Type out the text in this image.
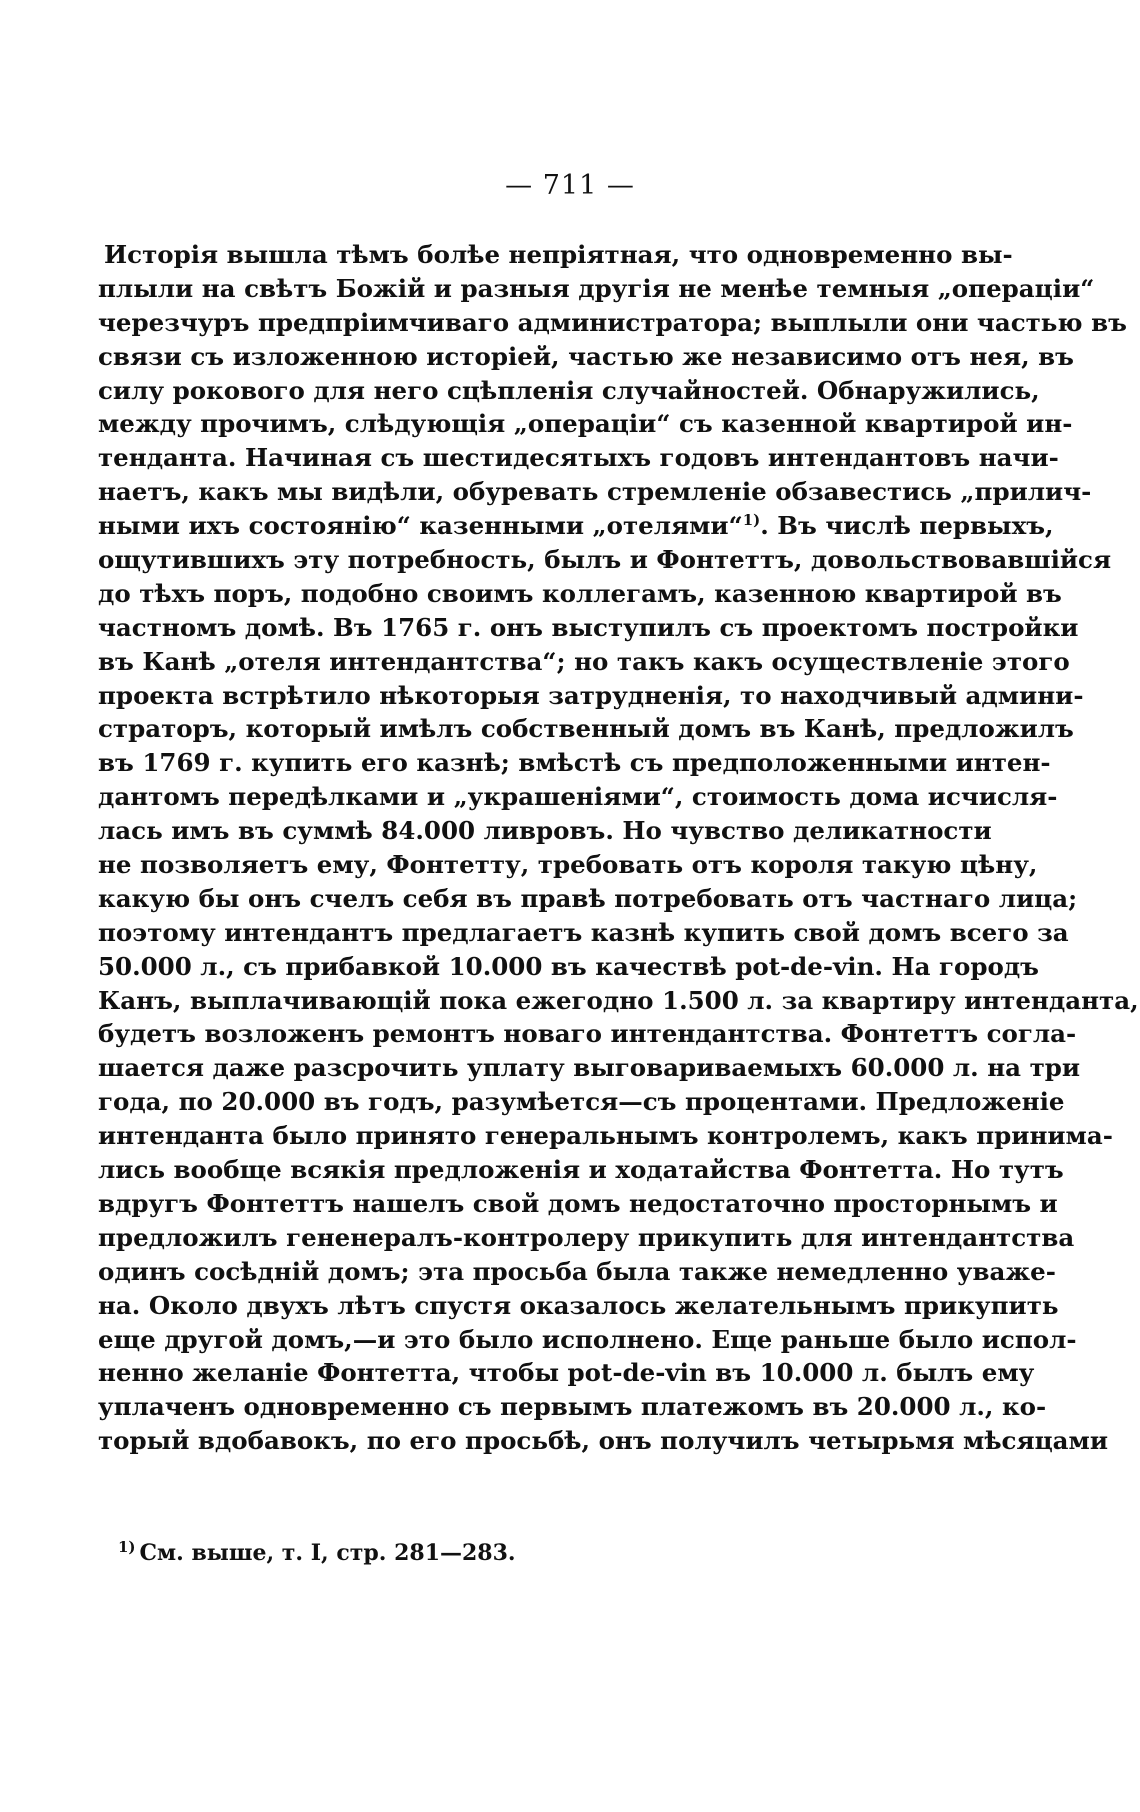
— 711 —
Исторія вышла тѣмъ болѣе непріятная, что одновременно вы-
плыли на свѣтъ Божій и разныя другія не менѣе темныя „операціи“
черезчуръ предпріимчиваго администратора; выплыли они частью въ
связи съ изложенною исторіей, частью же независимо отъ нея, въ
силу рокового для него сцѣпленія случайностей. Обнаружились,
между прочимъ, слѣдующія „операціи“ съ казенной квартирой ин-
тенданта. Начиная съ шестидесятыхъ годовъ интендантовъ начи-
наетъ, какъ мы видѣли, обуревать стремленіе обзавестись „прилич-
ными ихъ состоянію“ казенными „отелями“$^{1)}$. Въ числѣ первыхъ,
ощутившихъ эту потребность, былъ и Фонтеттъ, довольствовавшійся
до тѣхъ поръ, подобно своимъ коллегамъ, казенною квартирой въ
частномъ домѣ. Въ 1765 г. онъ выступилъ съ проектомъ постройки
въ Канѣ „отеля интендантства“; но такъ какъ осуществленіе этого
проекта встрѣтило нѣкоторыя затрудненія, то находчивый админи-
страторъ, который имѣлъ собственный домъ въ Канѣ, предложилъ
въ 1769 г. купить его казнѣ; вмѣстѣ съ предположенными интен-
дантомъ передѣлками и „украшеніями“, стоимость дома исчисля-
лась имъ въ суммѣ 84.000 ливровъ. Но чувство деликатности
не позволяетъ ему, Фонтетту, требовать отъ короля такую цѣну,
какую бы онъ счелъ себя въ правѣ потребовать отъ частнаго лица;
поэтому интендантъ предлагаетъ казнѣ купить свой домъ всего за
50.000 л., съ прибавкой 10.000 въ качествѣ pot-de-vin. На городъ
Канъ, выплачивающій пока ежегодно 1.500 л. за квартиру интенданта,
будетъ возложенъ ремонтъ новаго интендантства. Фонтеттъ согла-
шается даже разсрочить уплату выговариваемыхъ 60.000 л. на три
года, по 20.000 въ годъ, разумѣется—съ процентами. Предложеніе
интенданта было принято генеральнымъ контролемъ, какъ принима-
лись вообще всякія предложенія и ходатайства Фонтетта. Но тутъ
вдругъ Фонтеттъ нашелъ свой домъ недостаточно просторнымъ и
предложилъ гененералъ-контролеру прикупить для интендантства
одинъ сосѣдній домъ; эта просьба была также немедленно уваже-
на. Около двухъ лѣтъ спустя оказалось желательнымъ прикупить
еще другой домъ,—и это было исполнено. Еще раньше было испол-
ненно желаніе Фонтетта, чтобы pot-de-vin въ 10.000 л. былъ ему
уплаченъ одновременно съ первымъ платежомъ въ 20.000 л., ко-
торый вдобавокъ, по его просьбѣ, онъ получилъ четырьмя мѣсяцами
$^{1)}$ См. выше, т. I, стр. 281—283.
